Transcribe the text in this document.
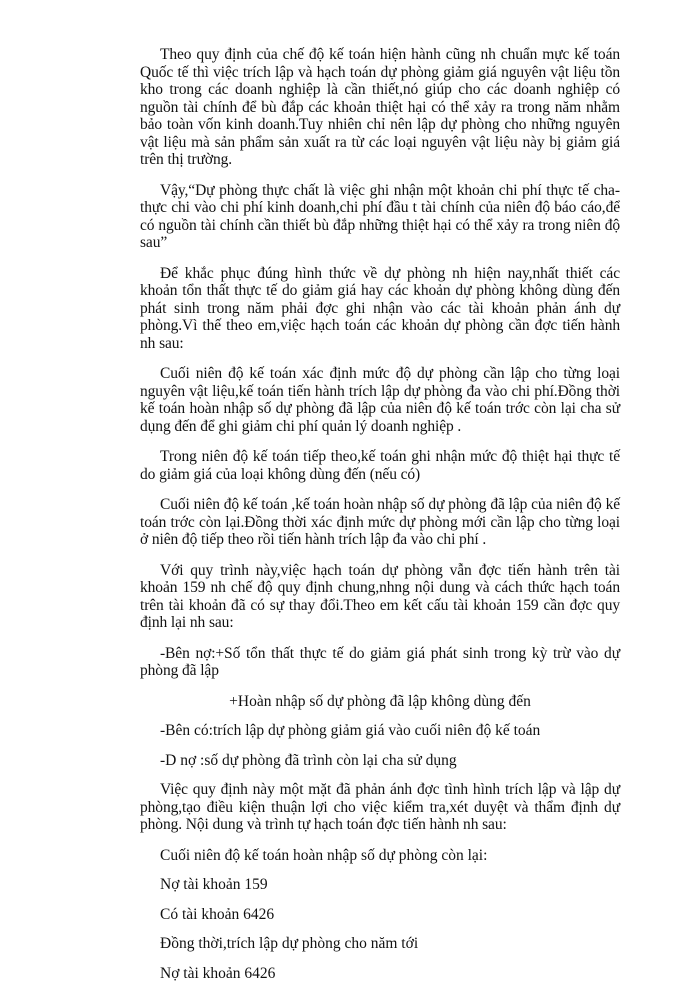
Theo quy định của chế độ kế toán hiện hành cũng nh chuẩn mực kế toán Quốc tế thì việc trích lập và hạch toán dự phòng giảm giá nguyên vật liệu tồn kho trong các doanh nghiệp là cần thiết,nó giúp cho các doanh nghiệp có nguồn tài chính để bù đắp các khoản thiệt hại có thể xảy ra trong năm nhằm bảo toàn vốn kinh doanh.Tuy nhiên chỉ nên lập dự phòng cho những nguyên vật liệu mà sản phẩm sản xuất ra từ các loại nguyên vật liệu này bị giảm giá trên thị trường.

Vậy,“Dự phòng thực chất là việc ghi nhận một khoản chi phí thực tế cha thực chi vào chi phí kinh doanh,chi phí đầu t tài chính của niên độ báo cáo,để có nguồn tài chính cần thiết bù đắp những thiệt hại có thể xảy ra trong niên độ sau”

Để khắc phục đúng hình thức về dự phòng nh hiện nay,nhất thiết các khoản tổn thất thực tế do giảm giá hay các khoản dự phòng không dùng đến phát sinh trong năm phải đợc ghi nhận vào các tài khoản phản ánh dự phòng.Vì thế theo em,việc hạch toán các khoản dự phòng cần đợc tiến hành nh sau:

Cuối niên độ kế toán xác định mức độ dự phòng cần lập cho từng loại nguyên vật liệu,kế toán tiến hành trích lập dự phòng đa vào chi phí.Đồng thời kế toán hoàn nhập số dự phòng đã lập của niên độ kế toán trớc còn lại cha sử dụng đến để ghi giảm chi phí quản lý doanh nghiệp .

Trong niên độ kế toán tiếp theo,kế toán ghi nhận mức độ thiệt hại thực tế do giảm giá của loại không dùng đến (nếu có)

Cuối niên độ kế toán ,kế toán hoàn nhập số dự phòng đã lập của niên độ kế toán trớc còn lại.Đồng thời xác định mức dự phòng mới cần lập cho từng loại ở niên độ tiếp theo rồi tiến hành trích lập đa vào chi phí .

Với quy trình này,việc hạch toán dự phòng vẫn đợc tiến hành trên tài khoản 159 nh chế độ quy định chung,nhng nội dung và cách thức hạch toán trên tài khoản đã có sự thay đổi.Theo em kết cấu tài khoản 159 cần đợc quy định lại nh sau:

-Bên nợ:+Số tổn thất thực tế do giảm giá phát sinh trong kỳ trừ vào dự phòng đã lập

+Hoàn nhập số dự phòng đã lập không dùng đến

-Bên có:trích lập dự phòng giảm giá vào cuối niên độ kế toán

-D nợ :số dự phòng đã trình còn lại cha sử dụng

Việc quy định này một mặt đã phản ánh đợc tình hình trích lập và lập dự phòng,tạo điều kiện thuận lợi cho việc kiểm tra,xét duyệt và thẩm định dự phòng. Nội dung và trình tự hạch toán đợc tiến hành nh sau:

Cuối niên độ kế toán hoàn nhập số dự phòng còn lại:

Nợ tài khoản 159

Có tài khoản 6426

Đồng thời,trích lập dự phòng cho năm tới

Nợ tài khoản 6426
